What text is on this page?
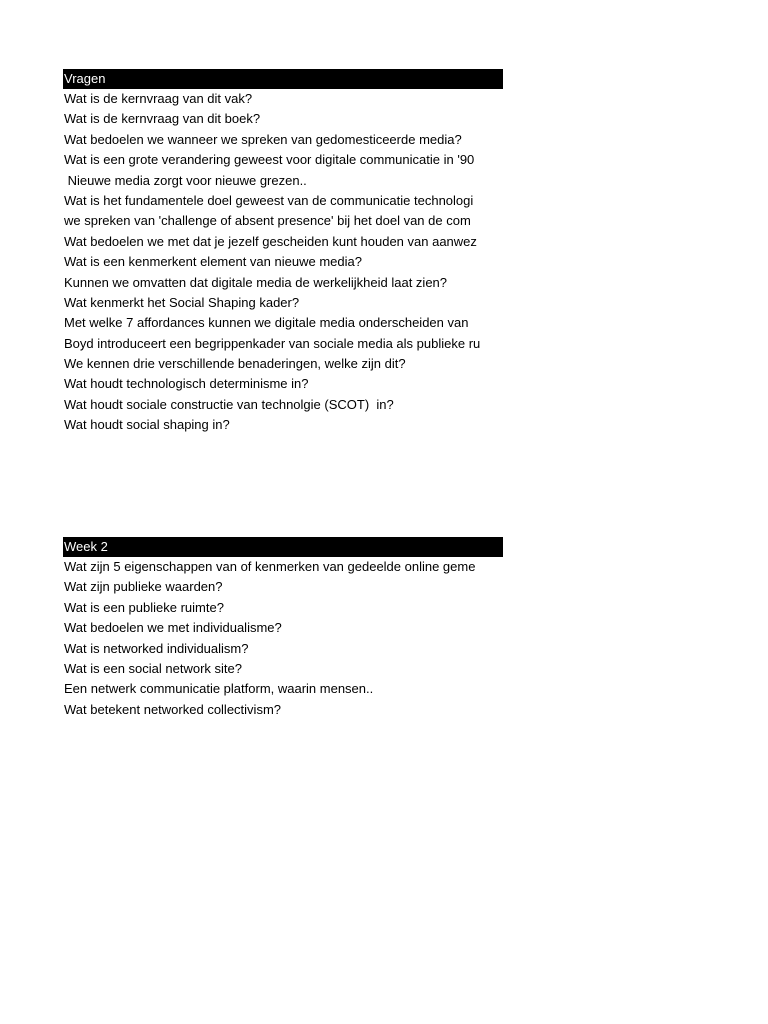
Vragen
Wat is de kernvraag van dit vak?
Wat is de kernvraag van dit boek?
Wat bedoelen we wanneer we spreken van gedomesticeerde media?
Wat is een grote verandering geweest voor digitale communicatie in '90
Nieuwe media zorgt voor nieuwe grezen..
Wat is het fundamentele doel geweest van de communicatie technologi
we spreken van 'challenge of absent presence' bij het doel van de com
Wat bedoelen we met dat je jezelf gescheiden kunt houden van aanwez
Wat is een kenmerkent element van nieuwe media?
Kunnen we omvatten dat digitale media de werkelijkheid laat zien?
Wat kenmerkt het Social Shaping kader?
Met welke 7 affordances kunnen we digitale media onderscheiden van
Boyd introduceert een begrippenkader van sociale media als publieke ru
We kennen drie verschillende benaderingen, welke zijn dit?
Wat houdt technologisch determinisme in?
Wat houdt sociale constructie van technolgie (SCOT)  in?
Wat houdt social shaping in?
Week 2
Wat zijn 5 eigenschappen van of kenmerken van gedeelde online geme
Wat zijn publieke waarden?
Wat is een publieke ruimte?
Wat bedoelen we met individualisme?
Wat is networked individualism?
Wat is een social network site?
Een netwerk communicatie platform, waarin mensen..
Wat betekent networked collectivism?
